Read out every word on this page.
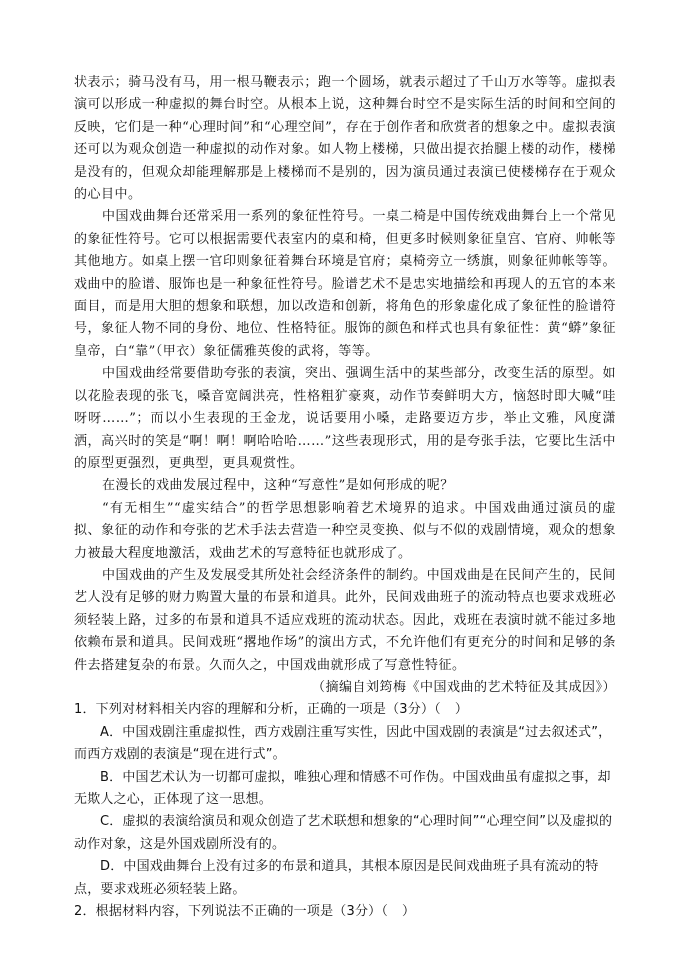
状表示；骑马没有马，用一根马鞭表示；跑一个圆场，就表示超过了千山万水等等。虚拟表演可以形成一种虚拟的舞台时空。从根本上说，这种舞台时空不是实际生活的时间和空间的反映，它们是一种“心理时间”和“心理空间”，存在于创作者和欣赏者的想象之中。虚拟表演还可以为观众创造一种虚拟的动作对象。如人物上楼梯，只做出提衣抬腿上楼的动作，楼梯是没有的，但观众却能理解那是上楼梯而不是别的，因为演员通过表演已使楼梯存在于观众的心目中。

中国戏曲舞台还常采用一系列的象征性符号。一桌二椅是中国传统戏曲舞台上一个常见的象征性符号。它可以根据需要代表室内的桌和椅，但更多时候则象征皇宫、官府、帅帐等其他地方。如桌上摆一官印则象征着舞台环境是官府；桌椅旁立一绣旗，则象征帅帐等等。戏曲中的脸谱、服饰也是一种象征性符号。脸谱艺术不是忠实地描绘和再现人的五官的本来面目，而是用大胆的想象和联想，加以改造和创新，将角色的形象虚化成了象征性的脸谱符号，象征人物不同的身份、地位、性格特征。服饰的颜色和样式也具有象征性：黄“蟒”象征皇帝，白“靠”（甲衣）象征儒雅英俊的武将，等等。

中国戏曲经常要借助夸张的表演，突出、强调生活中的某些部分，改变生活的原型。如以花脸表现的张飞，嗓音宽阔洪亮，性格粗犷豪爽，动作节奏鲜明大方，恼怒时即大喊“哇呀呀……”；而以小生表现的王金龙，说话要用小嗓，走路要迈方步，举止文雅，风度潇洒，高兴时的笑是“啊！啊！啊哈哈哈……”这些表现形式，用的是夸张手法，它要比生活中的原型更强烈，更典型，更具观赏性。

在漫长的戏曲发展过程中，这种“写意性”是如何形成的呢？

“有无相生”“虚实结合”的哲学思想影响着艺术境界的追求。中国戏曲通过演员的虚拟、象征的动作和夸张的艺术手法去营造一种空灵变换、似与不似的戏剧情境，观众的想象力被最大程度地激活，戏曲艺术的写意特征也就形成了。

中国戏曲的产生及发展受其所处社会经济条件的制约。中国戏曲是在民间产生的，民间艺人没有足够的财力购置大量的布景和道具。此外，民间戏曲班子的流动特点也要求戏班必须轻装上路，过多的布景和道具不适应戏班的流动状态。因此，戏班在表演时就不能过多地依赖布景和道具。民间戏班“撂地作场”的演出方式，不允许他们有更充分的时间和足够的条件去搭建复杂的布景。久而久之，中国戏曲就形成了写意性特征。

（摘编自刘筠梅《中国戏曲的艺术特征及其成因》）

1．下列对材料相关内容的理解和分析，正确的一项是（3分）（ ）

A．中国戏剧注重虚拟性，西方戏剧注重写实性，因此中国戏剧的表演是“过去叙述式”，而西方戏剧的表演是“现在进行式”。

B．中国艺术认为一切都可虚拟，唯独心理和情感不可作伪。中国戏曲虽有虚拟之事，却无欺人之心，正体现了这一思想。

C．虚拟的表演给演员和观众创造了艺术联想和想象的“心理时间”“心理空间”以及虚拟的动作对象，这是外国戏剧所没有的。

D．中国戏曲舞台上没有过多的布景和道具，其根本原因是民间戏曲班子具有流动的特点，要求戏班必须轻装上路。

2．根据材料内容，下列说法不正确的一项是（3分）（ ）
